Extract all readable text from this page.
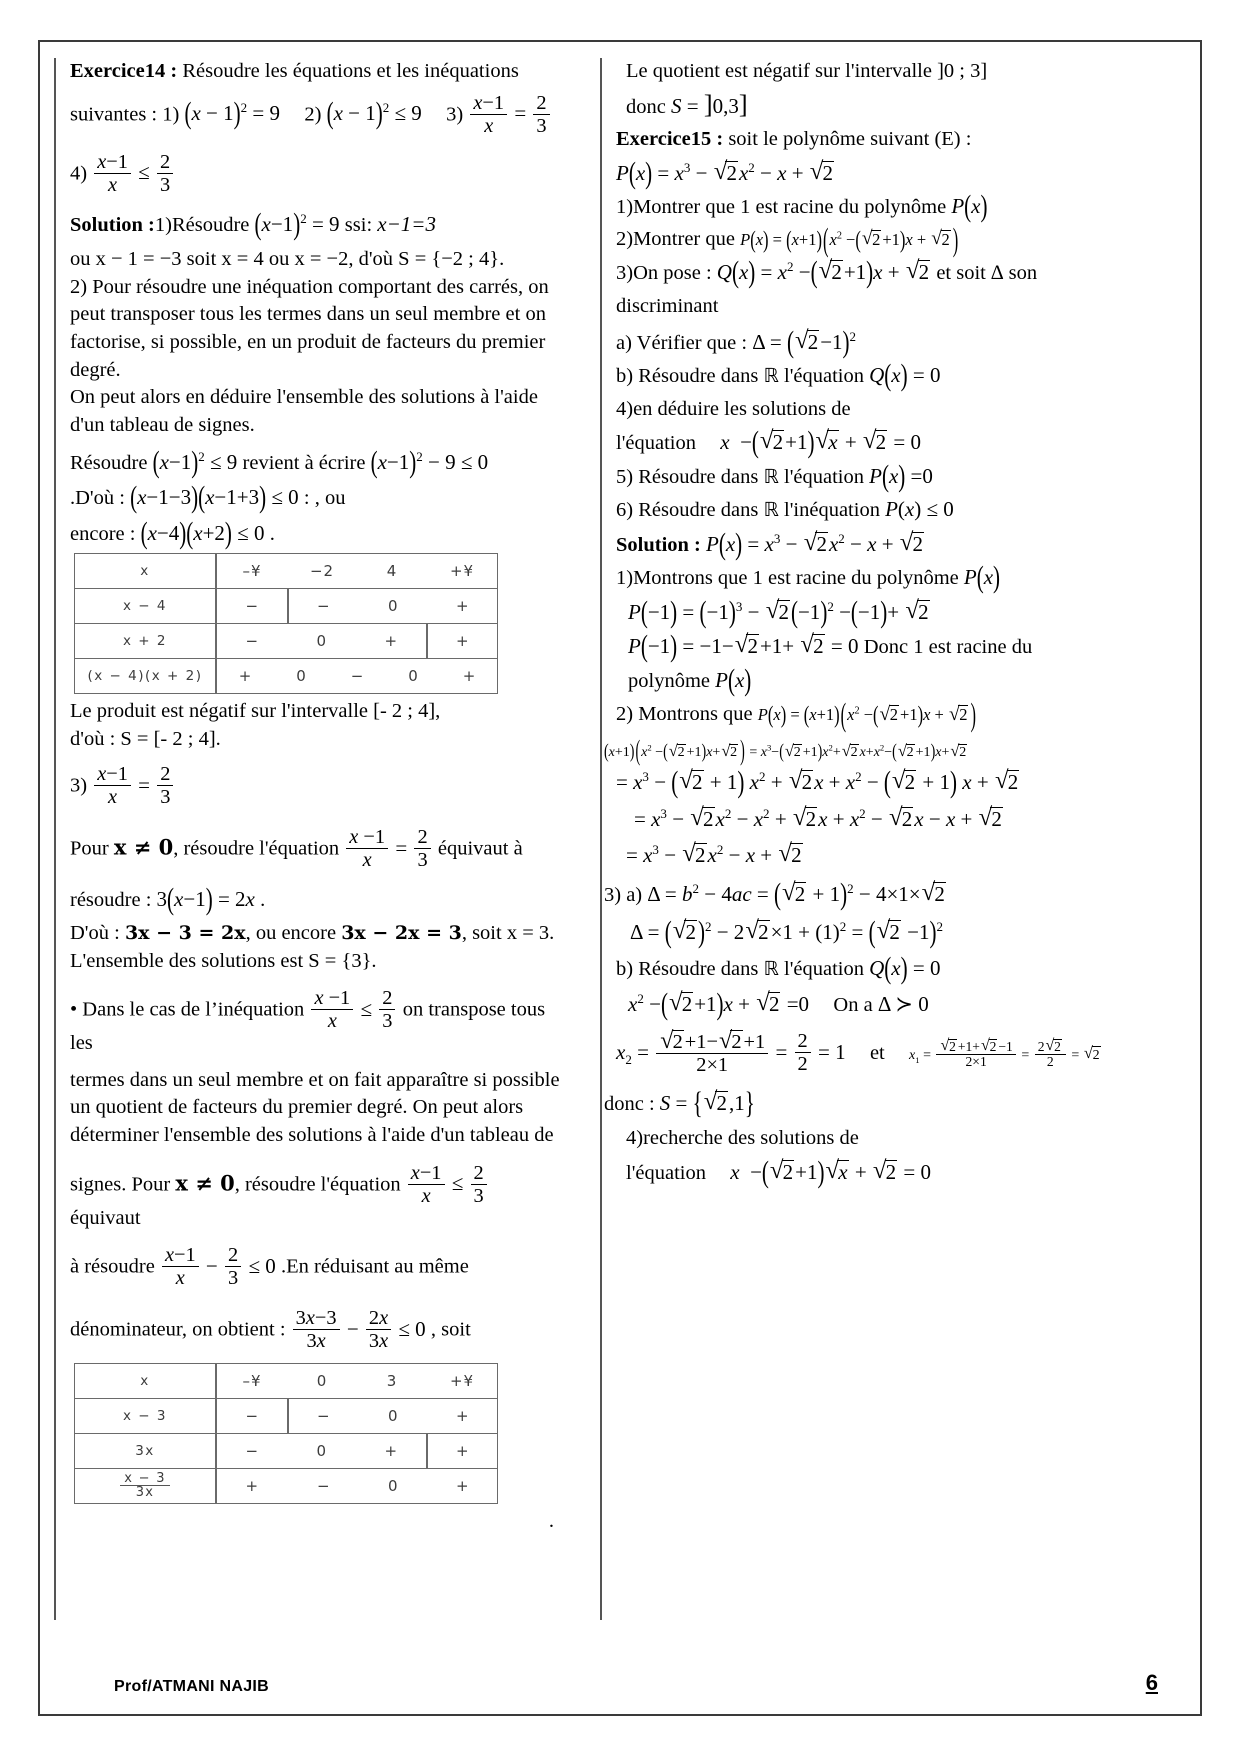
Exercice14 : Résoudre les équations et les inéquations
suivantes : 1) $(x - 1)^2 = 9$  2) $(x - 1)^2 \le 9$  $3) \frac{x-1}{x} = \frac{2}{3}$
$4) \frac{x-1}{x} \le \frac{2}{3}$
Solution :1)Résoudre $(x-1)^2 = 9$ ssi: x−1=3
ou x − 1 = −3 soit x = 4 ou x = −2, d'où S = {−2 ; 4}.
2) Pour résoudre une inéquation comportant des carrés, on
peut transposer tous les termes dans un seul membre et on
factorise, si possible, en un produit de facteurs du premier
degré.
On peut alors en déduire l'ensemble des solutions à l'aide
d'un tableau de signes.
Résoudre $(x-1)^2 \le 9$ revient à écrire $(x-1)^2 - 9 \le 0$
.D'où : (x−1−3)(x−1+3) ≤ 0 : , ou
encore : (x−4)(x+2) ≤ 0 .
x	–¥ −2 4 +¥

x − 4	− − 0 +

x + 2	− 0 + +

(x − 4)(x + 2)	+ 0 − 0 +
Le produit est négatif sur l'intervalle [- 2 ; 4],
d'où : S = [- 2 ; 4].
$3) \frac{x-1}{x} = \frac{2}{3}$
Pour x ≠ 0, résoudre l'équation $\frac{x -1}{x} = \frac{2}{3}$ équivaut à
résoudre : 3(x−1) = 2x .
D'où : 3x − 3 = 2x, ou encore 3x − 2x = 3, soit x = 3.
L'ensemble des solutions est S = {3}.
• Dans le cas de l’inéquation $\frac{x -1}{x} \le \frac{2}{3}$ on transpose tous les
termes dans un seul membre et on fait apparaître si possible
un quotient de facteurs du premier degré. On peut alors
déterminer l'ensemble des solutions à l'aide d'un tableau de
signes. Pour x ≠ 0, résoudre l'équation $\frac{x-1}{x} \le \frac{2}{3}$
équivaut
à résoudre $\frac{x-1}{x} - \frac{2}{3} \le 0$ .En réduisant au même
dénominateur, on obtient : $\frac{3x-3}{3x} - \frac{2x}{3x} \le 0$ , soit
x	–¥ 0 3 +¥

x − 3	− − 0 +

3x	− 0 + +

$\frac{x - 3}{3x}$	+ − 0 +
.
Le quotient est négatif sur l'intervalle ]0 ; 3]
donc S = ]0,3]
Exercice15 : soit le polynôme suivant (E) :
$P(x) = x^3$ − √ $2x^2 - x$ + √ 2
1)Montrer que 1 est racine du polynôme P(x)
2)Montrer que $P(x) = (x+1)(x^2$ −( √ 2 +1)x + √ 2 )
3)On pose : $Q(x) = x^2$ −( √ 2+1)x + √ 2 et soit ∆ son
discriminant
a) Vérifier que : Δ = ( √ 2−1)$^2$
b) Résoudre dans ℝ l'équation Q(x) = 0
4)en déduire les solutions de
l'équation x  −( √ 2+1) √ x + √ 2 = 0
5) Résoudre dans ℝ l'équation P(x) =0
6) Résoudre dans ℝ l'inéquation P(x) ≤ 0
Solution : $P(x) = x^3$ − √ $2x^2 - x$ + √ 2
1)Montrons que 1 est racine du polynôme P(x)
$P(-1) = (-1)^3$ − √ $2(-1)^2 -(-1)+$ √ 2
P(−1) = −1− √ 2+1+ √ 2 = 0 Donc 1 est racine du
polynôme P(x)
2) Montrons que $P(x) = (x+1)(x^2$ −( √ 2 +1)x + √ 2 )
$(x+1)(x^2$ −( √ 2 +1)x+ √ 2 ) = $x^3-$( √ $2 +1)x^2+$ √ 2 $x+x^2-$( √ 2 +1)x+ √ 2
= $x^3$ − ( √ 2 + 1) $x^2$ + √ $2x + x^2$ − ( √ 2 + 1) x + √ 2
= $x^3$ − √ $2x^2 - x^2$ + √ $2x + x^2$ − √ 2x − x + √ 2
= $x^3$ − √ $2x^2 - x$ + √ 2
3) a) $\Delta = b^2 - 4ac$ = ( √ 2 + 1)$^2$ − 4×1× √ 2
Δ = ( √ 2)$^2$ − 2 √ $2\times 1 + (1)^2$ = ( √ 2 −1)$^2$
b) Résoudre dans ℝ l'équation Q(x) = 0
$x^2$ −( √ 2+1)x + √ 2 =0  On a Δ ≻ 0
$x_2 = \frac{√ 2+1- √ 2+1}{2\times 1} = \frac{2}{2} = 1$  et $x_1 = \frac{√ 2 +1+ √ 2 -1}{2\times 1} = \frac{2 √ 2}{2}$ = √ 2
donc : S = { √ 2,1}
4)recherche des solutions de
l'équation x  −( √ 2+1) √ x + √ 2 = 0
Prof/ATMANI NAJIB	6
